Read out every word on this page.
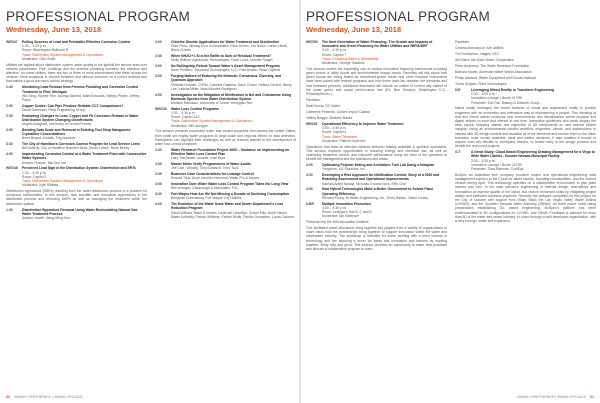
PROFESSIONAL PROGRAM
Wednesday, June 13, 2018
WED47	Pulling Success of Lead and Peristaltic Effective Corrosion Control
1:30 – 4:30 p.m.
Room: Washington Ballroom B
Track: Distribution System Management & Operations
Moderator: Glen Bubb

Utilities are vigilant about distribution system water quality to the lighthill the service area over network parameters. Pipe, buildings and the premise plumbing condition the attention and attention, for some utilities, there are two or three or more interventions that these across the network. More analytical to choose between and without concerns on a cohort network and that makes a good corrosion control strategy.

1:30	Monitoring Lead Release from Premise Plumbing and Corrosion Control Treatment in Flint, Michigan
Win Tang, Wynne York, Anurag Mantha, Mark Edwards, Stehpy Pieper, Jeffrey Parks
2:00	Copper Scales: Can Pipe Produce Reliable CCT Comparisons?
David Gettmann, Pinal Engineering Group
2:30	Evaluating Changes to Lead, Copper and Pb Corrosion Release in Water Distribution System Changing Disinfectants
Angela Bosgraaf, University of Central Florida
3:00	Bending Data Scale and Removal in Existing Tool Shop Manganese Crystalline Concentrations
Brent Bryant, Arcadis, Frig Isomeriz
3:30	The City of Hamilton's Corrosion Control Program for Lead Service Lines
Bill Doherty, City of Hamilton Brandon Beck, Stuart Lubich, Brian Beeby
4:00	Implementing Corrosion Control at a Water Treatment Plant with Consecutive Water Systems
Andrew Roscoe, Ma Dee Lee
WED48	Perceived Lead Sign in the Distribution System: Disinfection and ERTs
1:30 – 4:30 p.m.
Room: Capitol 3
Track: Distribution System Management & Operations
Moderator: Kyle Sibbets

Disinfection byproducts (DBPs) resulting from the water distribution process is a problem for numerous communities. In this session, new scientific and innovative approaches in the distribution process and removing DBPs as well as managing the treatment within the distribution system.

1:30	Disinfection Byproduct Removal Using Water Recirculating Natural Gas Water Treatment Process
Andrew Jewell, Xiang Ming Hua
2:00	Chlorine Dioxide Applications for Water Treatment and Disinfection
Elise Peno, Nikolay Kroz & Associates, Elisa Dorino, Joe Nelon, Lance Littrell, Brent Groves
2:30	When NH2Cl+ LSI is the Baffle to Sorb of Residual Treatment?
Molly Wilkins, Aquasoner Technologies, Dave Lund, Jennifer Rogan
3:00	No Rollingstrip Relook Toward Water's Asset Management Program
Anne Pinheiro, Structural Technologies, LLC, Paul Andria, Paolo Ciglieris
3:30	Forging Matters of Enduring the Network: Consensus, Diversity, and Quantum Approach
Stefania Horvath, CH2M, Carolina Caldeira, Dave Cohen, Helena Gerard, Mindy Lee, Latisha Miller, Marci Montell Rodriguez
4:00	Investigation on the Mitigation of Nitrification in Net and Chloramine Using Biofoods Species from Water Distribution System
Mohsen Bashkani, University of Toledo Yeongpan Seo
WED49	Water Loss Control Programs
1:30 – 4:30 p.m.
Room: Capitol 1&2
Track: Distribution System Management & Operations
Moderator: Will Jernigan

This session presents successful water loss control programs from across the United States, from small yet mighty water programs to large-scale and regional efforts for leak detection. Participants can highlight their challenges as well as lessons learned in the development of water loss control programs.

1:30	Water Research Foundation Project 4695 – Guidance on Implementing an Effective Water Loss Control Plan
Gary Trachtman, Arcadis, Kate Byrd
2:00	Master Meter Verify Programmers of Water Audits
Jeff Cole, Velocity, Tony Earwood, Terry Tuck
2:30	Business Case Considerations for Leakage Control
Russell Titus, Anne Jennifer-Hermosa, Water Pro & Money
3:00	Innovation Doer Wider Water Loss Control Program Takes the Long View
Will Jernigan, Cavanaugh & Associates, P.A.
3:30	Fort Wayne How Are We Not Missing a Decade of Declining Consumption
Benjamin Greenamay, Fort Wayne City Utilities
4:00	The Evolution of the Water Scale Water and Sewer Department's Loss Reduction Program
David Williard, Black & Veatch, Lavernell Llewellyn, Shamr Ellis, North Haven Water Authority, Patrick Williams, Patrick Wolfe, Pacific Geroaldes, Lucas Cabrera
60 AWWA CONFERENCE | AWWA.ORG/ACE
PROFESSIONAL PROGRAM
Wednesday, June 13, 2018
WED50	The Next Generation of Water Financing: The Growth and Impacts of Innovative and Green Financing for Water Utilities and WIFIA/SRF
3:00 – 4:30 p.m.
Room: Capitol 7
Track: Financing Rates & Affordability
Moderator: George Hawkins

This session covers the expanding use of various innovative financing instruments including green bonds or utility bonds and environmental impact bonds. Panelists will talk about how green bonds are being tested as investment-grade bonds and other financial instruments have been paired with federal programs and how these have fair between the elements and how investors perceive. Additional discussion will include an outline of current day market of the water green and social performance line (Ex: Bon Secours, Washington D.C., Philadelphia etc.).

Panelists:

Matt Horvat, DC Water

Catherine Pederick, Golden Import Capital

Jeffrey Boggio, Bankers Banks

WED51	Operational Efficiency to Improve Water Treatment
3:00 – 4:30 p.m.
Room: Capitol 4
Track: Water Treatment
Moderator: Patricia Gutierrez

Operations that finds an effective balance between reliably available & optimize operations. This session explores opportunities in reducing energy and chemical use, as well as optimizing treatment control, and improved performance using the best of the operation to benefit the management and the operations and waste.

3:00	Optimizing Polymer Mixing and Activation: Turk Lab Doing a Nowplan
Yongzhen, US Solutions, Inc.
3:30	Developing a Risk Approach for Nitrification Control: Story of a 2020 and Reaching Assessment and Operational Improvements
Nachos Adeyi Nanayi, Nicholas Ground Nora, Elfin Choi
4:00	How Hybrid Technologies Make a Better Government to Solved Plant Operating Efficiency
Richard Fenny, Hi Water Engineering, Inc., Kerry Baillon, David Cowey
ILBR	Multiple Innovation Promotion
3:00 – 4:30 p.m.
Room: Lexington Hall B, C and D
Moderator: Ian Mcelrope

Presented by the IWA Innovation Initiative

This facilitated panel discussion bring together key players from a variety of organizations to share ideas how the partnerships bring together to support innovation within the water and wastewater industry. The workshop is intended for those working with a keen interest in technology and are assuring a driver for ideas and innovation and barriers by working together. Bring help and good. This session provides an opportunity to share best practices and discuss a collaborative program to learn.

Panelists:

Cristina Ahmadpour, Isle Utilities

Tim Horseshoe, Imagen H2O

Will Sarni, the Sarni Water Cooperative

Peter Anderson, The Water Research Foundation

Barbara Martin, American Water Works Association

Phillip Attwood, Water Equipment and Goods National

Travis Skipper, Plant Technologies

ICE	Leveraging Mixed-Reality to Transform Engineering
2:30 – 3:00 p.m.
Innovation Lounge • Booth 417/99
Presenter: Zoe Fall, Blakely & Dilworth Group

Mixed reality leverages the recent features of virtual and augmented reality to provide engineers with an immersive and interactive way of experiencing a project. This blending of real and virtual worlds produces new environments and visualizations where physical and digital objects co-exist and interact in real time. Interactive guidelines and views display the heat, layout, mapping objects and inspection of 3D components on new interest hidden insights. Using an environmental mindful workflow, engineers, clients, and stakeholders to interact with 3D design models and visualize all of the elements and resolve them to the value formation must remain available, ideal and added decisions. It also enables a trouble in anyone from city officials to exemplary citizens, to review early in the design process and benefit the real-world projects.

ICT	A Great Study: Cloud-Based Engineering Drawing Management for a Virgo to Wide Water District - Dundee Nevada Municipal Facility
3:00 – 3:30 p.m.
Innovation Lounge • Booth 417/99
Presenter: Tiara Rahman, CodiEye

BoSpec an Australian tech company provides project and operational engineering data management solution to the Cloud for asset owners, including municipalities, and the current version during April. This technology operates on a collaborative environment to give plant owners and cost. In the case intensive engineering of internal design, alternatives and formulation at improve quality of the layout and reduce enhanced costs by mitigating project delays and inefficient business practices. Recently the software completed its first project for the City of Dundee with support from Water Black the Las Vegas Valley Water District (LVVWD), and the Southern Nevada Water Authority (SNWA). All three owner holds rating preparations establishing 3D, based engineering, BoSpec's platform has been underestimated in 3D configurations for LVVWD, and SNWA. Feedback is planned for more than 60 of the water and sewer industry, to cover through a well-developed organization, with a very enough, water and expansion.

AWWA CONFERENCE | AWWA.ORG/ACE 61
